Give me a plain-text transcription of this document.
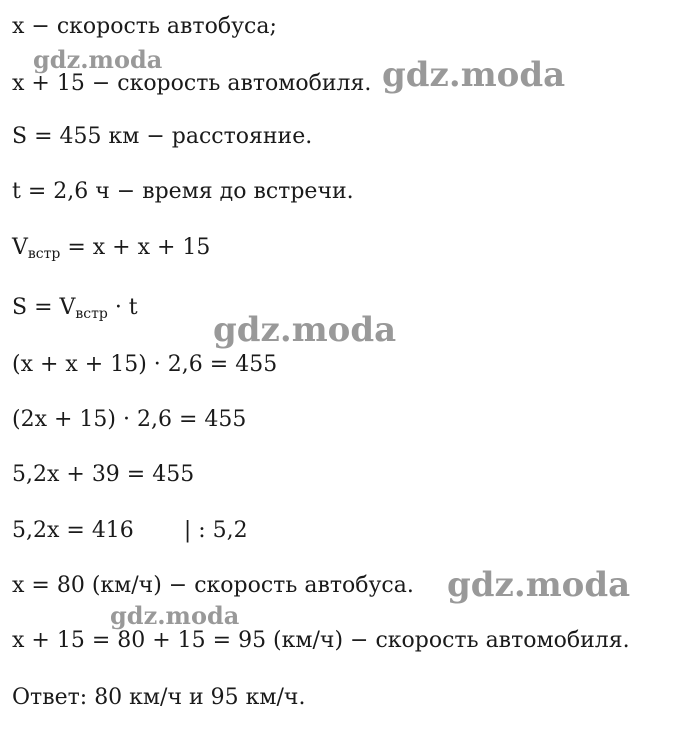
x − скорость автобуса;
x + 15 − скорость автомобиля.
S = 455 км − расстояние.
t = 2,6 ч − время до встречи.
$V_{встр} = x + x + 15$
$S = V_{встр} \cdot t$
(x + x + 15) · 2,6 = 455
(2x + 15) · 2,6 = 455
5,2x + 39 = 455
5,2x = 416 | : 5,2
x = 80 (км/ч) − скорость автобуса.
x + 15 = 80 + 15 = 95 (км/ч) − скорость автомобиля.
Ответ: 80 км/ч и 95 км/ч.
gdz.moda	gdz.moda
gdz.moda
gdz.moda
gdz.moda
